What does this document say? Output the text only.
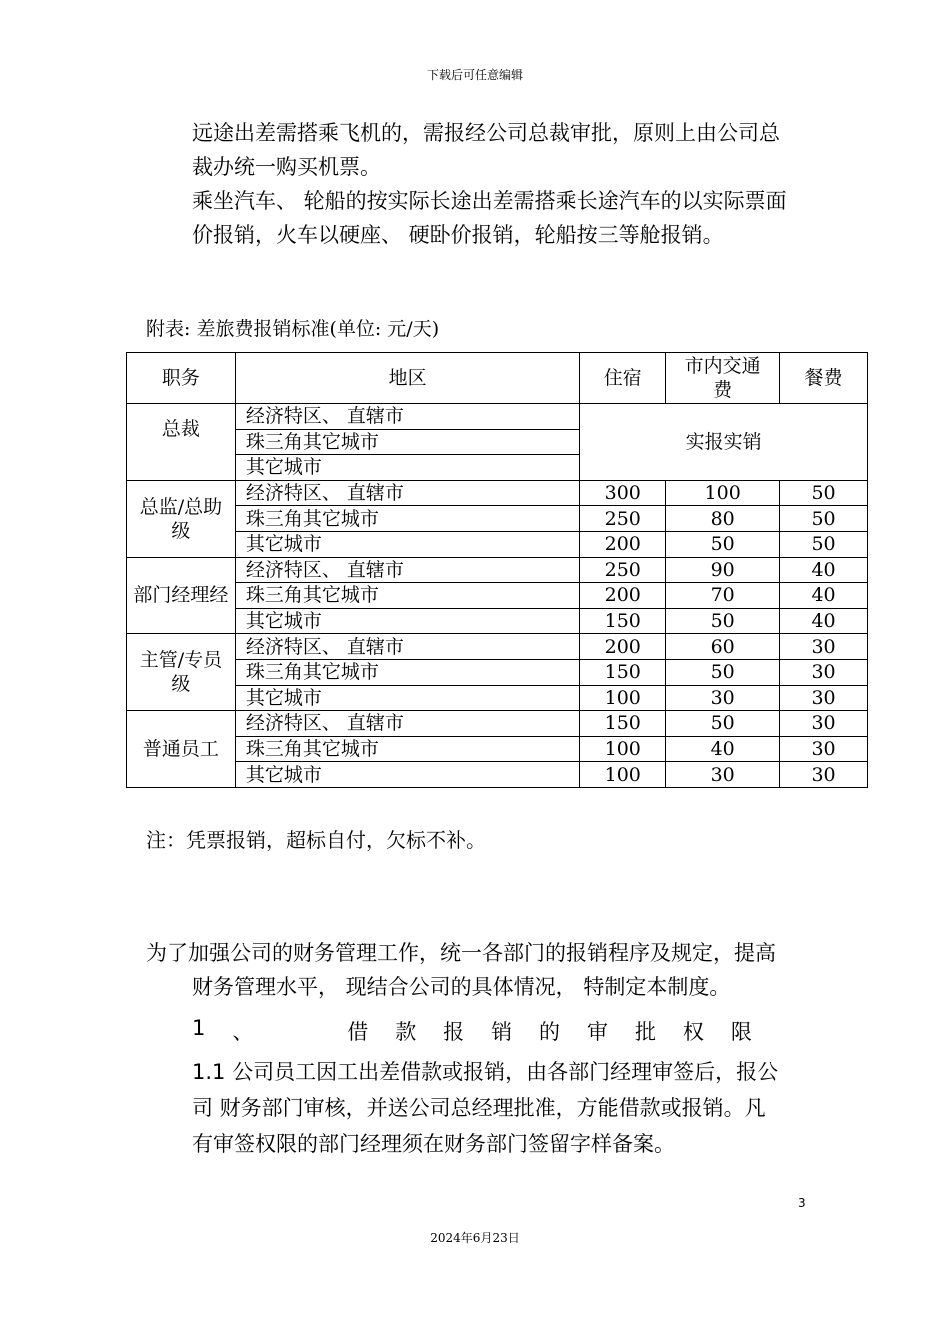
下载后可任意编辑

远途出差需搭乘飞机的，需报经公司总裁审批，原则上由公司总
裁办统一购买机票。
乘坐汽车、 轮船的按实际长途出差需搭乘长途汽车的以实际票面
价报销，火车以硬座、 硬卧价报销，轮船按三等舱报销。

附表: 差旅费报销标准(单位: 元/天)
职务	地区	住宿	市内交通费	餐费
总裁	经济特区、 直辖市	实报实销		
	珠三角其它城市			
	其它城市			
总监/总助级	经济特区、 直辖市	300	100	50
	珠三角其它城市	250	80	50
	其它城市	200	50	50
部门经理经	经济特区、 直辖市	250	90	40
	珠三角其它城市	200	70	40
	其它城市	150	50	40
主管/专员级	经济特区、 直辖市	200	60	30
	珠三角其它城市	150	50	30
	其它城市	100	30	30
普通员工	经济特区、 直辖市	150	50	30
	珠三角其它城市	100	40	30
	其它城市	100	30	30
注：凭票报销，超标自付，欠标不补。

为了加强公司的财务管理工作，统一各部门的报销程序及规定，提高
财务管理水平， 现结合公司的具体情况， 特制定本制度。

1 、	借 款 报 销 的 审 批 权 限

1.1 公司员工因工出差借款或报销，由各部门经理审签后，报公
司 财务部门审核，并送公司总经理批准，方能借款或报销。凡
有审签权限的部门经理须在财务部门签留字样备案。

3
2024年6月23日
